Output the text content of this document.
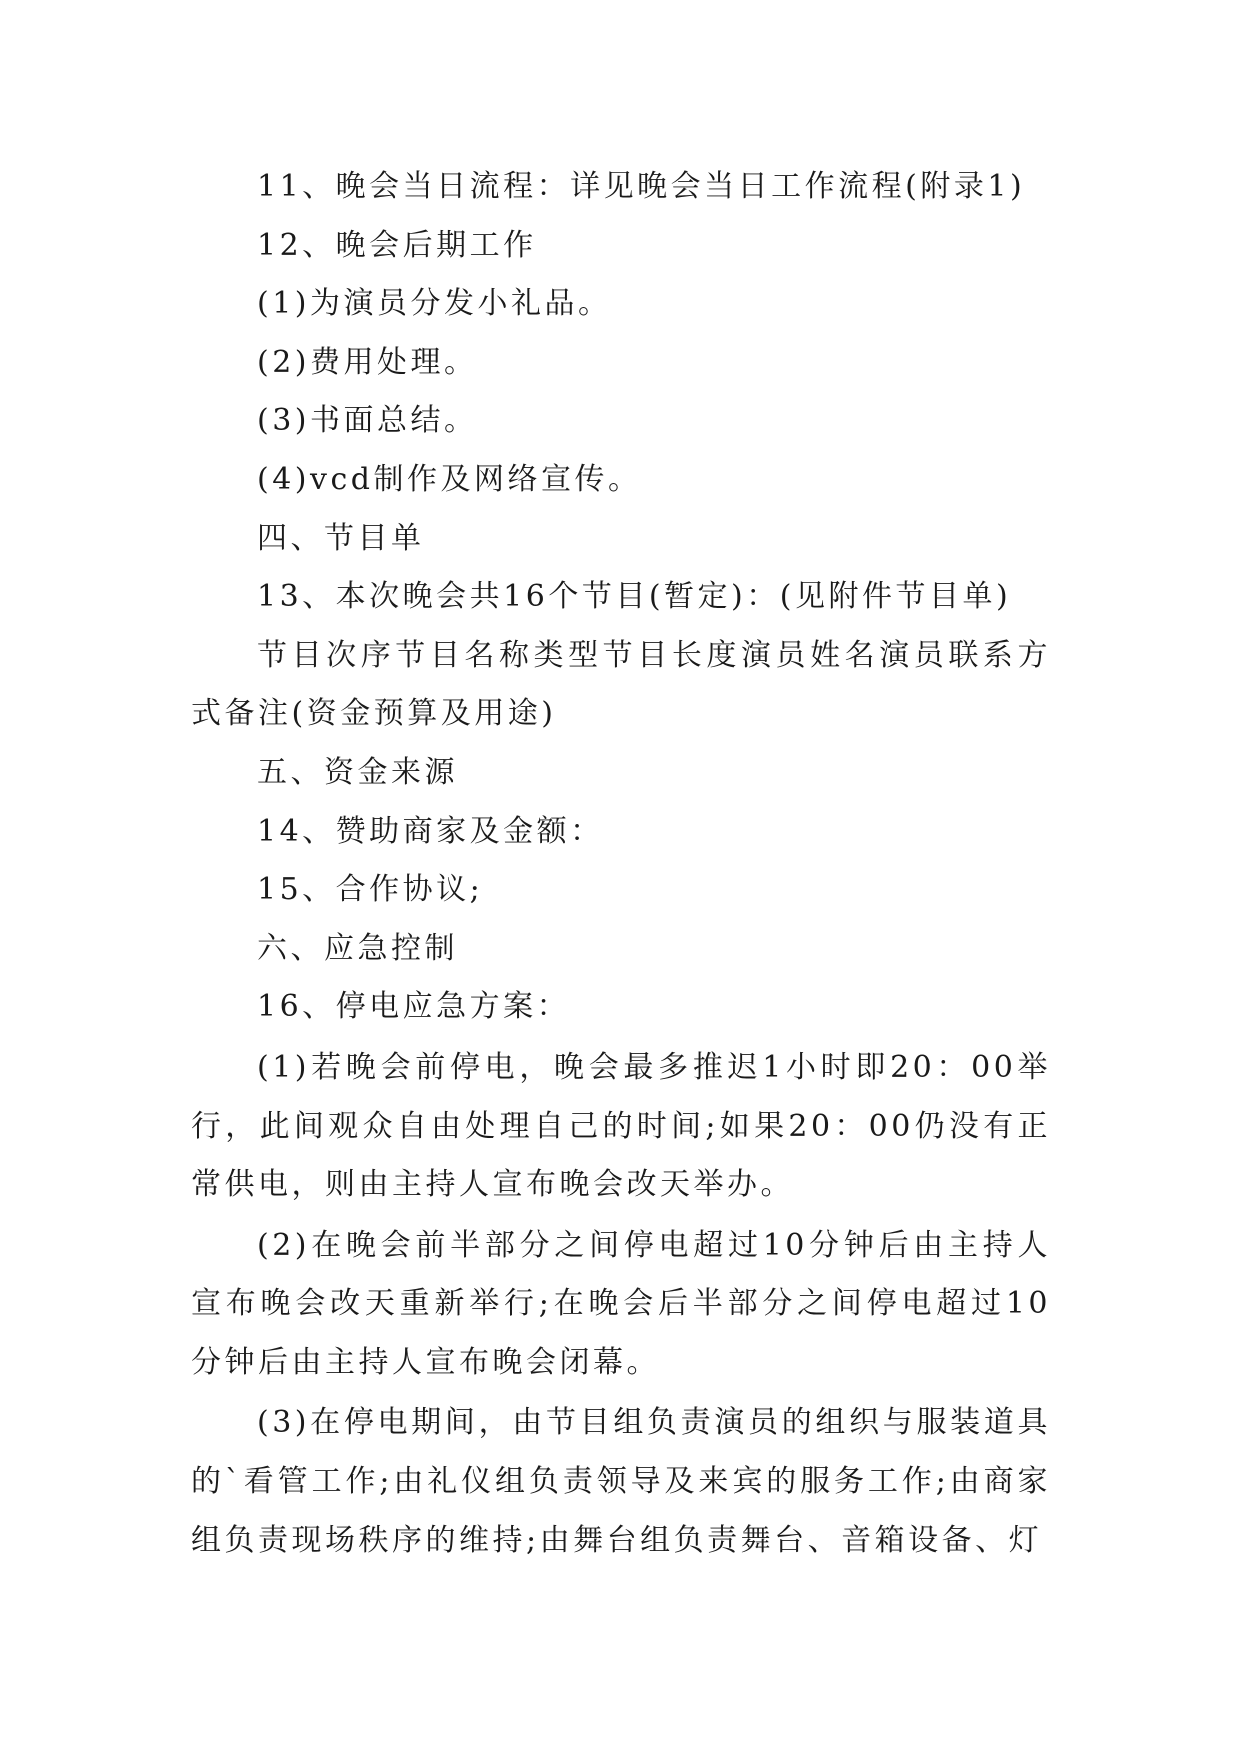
11、晚会当日流程：详见晚会当日工作流程(附录1)

12、晚会后期工作

(1)为演员分发小礼品。

(2)费用处理。

(3)书面总结。

(4)vcd制作及网络宣传。

四、节目单

13、本次晚会共16个节目(暂定)：(见附件节目单)

节目次序节目名称类型节目长度演员姓名演员联系方式备注(资金预算及用途)

五、资金来源

14、赞助商家及金额：

15、合作协议;

六、应急控制

16、停电应急方案：

(1)若晚会前停电，晚会最多推迟1小时即20：00举行，此间观众自由处理自己的时间;如果20：00仍没有正常供电，则由主持人宣布晚会改天举办。

(2)在晚会前半部分之间停电超过10分钟后由主持人宣布晚会改天重新举行;在晚会后半部分之间停电超过10分钟后由主持人宣布晚会闭幕。

(3)在停电期间，由节目组负责演员的组织与服装道具的`看管工作;由礼仪组负责领导及来宾的服务工作;由商家组负责现场秩序的维持;由舞台组负责舞台、音箱设备、灯
